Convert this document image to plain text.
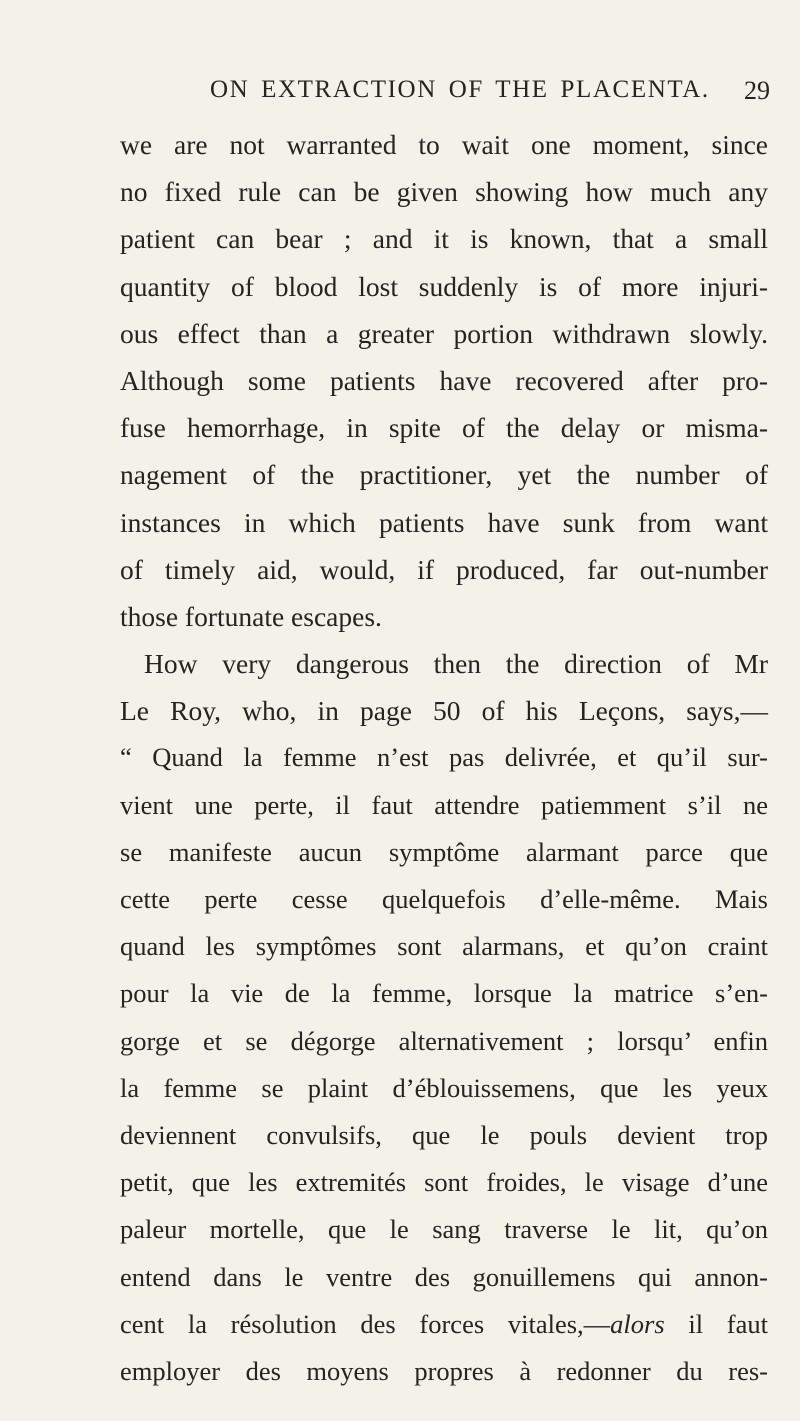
ON EXTRACTION OF THE PLACENTA. 29
we are not warranted to wait one moment, since
no fixed rule can be given showing how much any
patient can bear ; and it is known, that a small
quantity of blood lost suddenly is of more injuri-
ous effect than a greater portion withdrawn slowly.
Although some patients have recovered after pro-
fuse hemorrhage, in spite of the delay or misma-
nagement of the practitioner, yet the number of
instances in which patients have sunk from want
of timely aid, would, if produced, far out-number
those fortunate escapes.
How very dangerous then the direction of Mr
Le Roy, who, in page 50 of his Leçons, says,—
“ Quand la femme n’est pas delivrée, et qu’il sur-
vient une perte, il faut attendre patiemment s’il ne
se manifeste aucun symptôme alarmant parce que
cette perte cesse quelquefois d’elle-même. Mais
quand les symptômes sont alarmans, et qu’on craint
pour la vie de la femme, lorsque la matrice s’en-
gorge et se dégorge alternativement ; lorsqu’ enfin
la femme se plaint d’éblouissemens, que les yeux
deviennent convulsifs, que le pouls devient trop
petit, que les extremités sont froides, le visage d’une
paleur mortelle, que le sang traverse le lit, qu’on
entend dans le ventre des gonuillemens qui annon-
cent la résolution des forces vitales,—alors il faut
employer des moyens propres à redonner du res-
